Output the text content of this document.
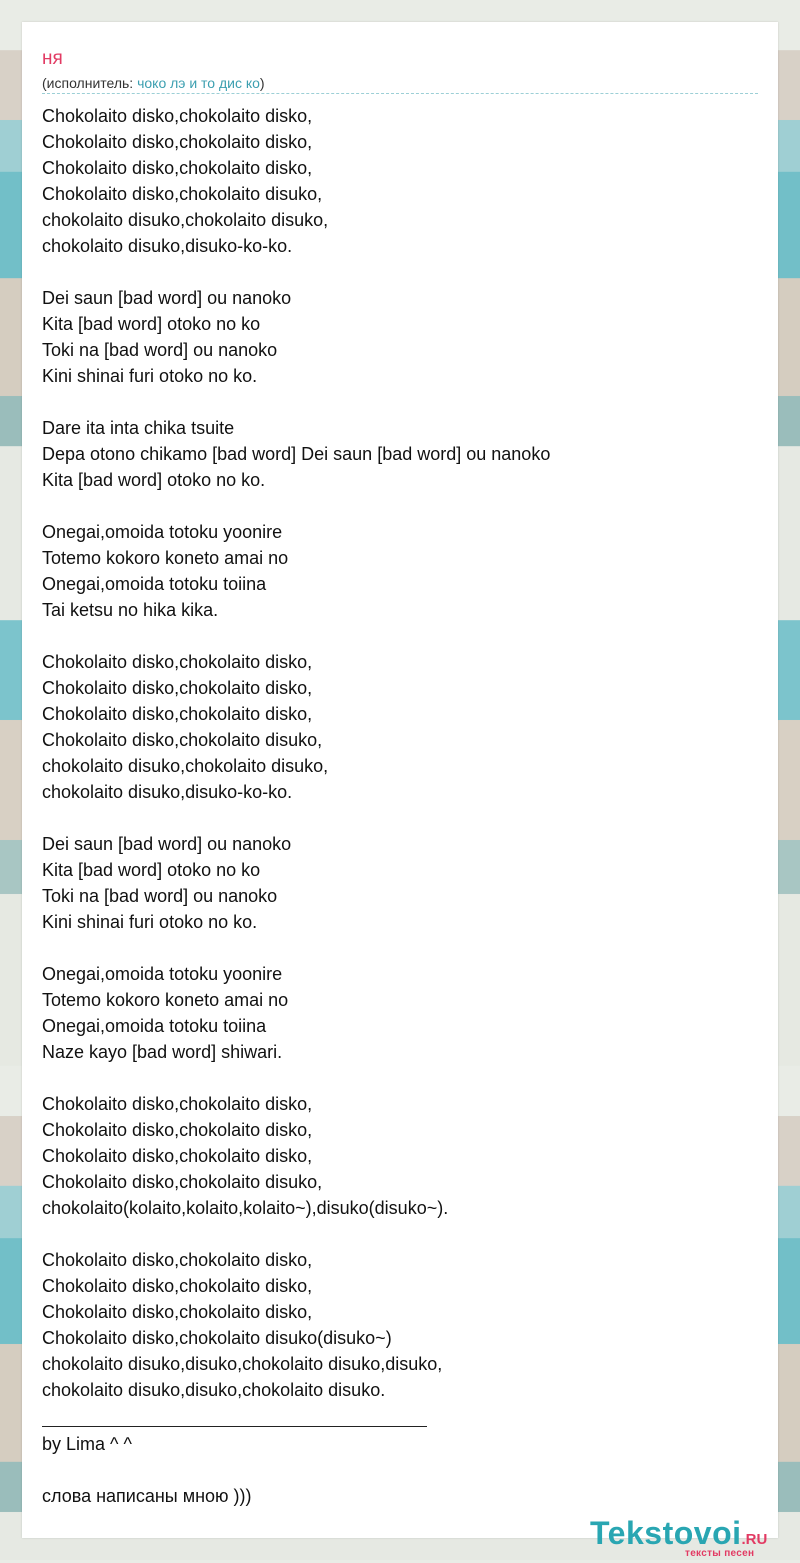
ня
(исполнитель: чоко лэ и то дис ко)
Chokolaito disko,chokolaito disko,
Chokolaito disko,chokolaito disko,
Chokolaito disko,chokolaito disko,
Chokolaito disko,chokolaito disuko,
chokolaito disuko,chokolaito disuko,
chokolaito disuko,disuko-ko-ko.

Dei saun [bad word] ou nanoko
Kita [bad word] otoko no ko
Toki na [bad word] ou nanoko
Kini shinai furi otoko no ko.

Dare ita inta chika tsuite
Depa otono chikamo [bad word] Dei saun [bad word] ou nanoko
Kita [bad word] otoko no ko.

Onegai,omoida totoku yoonire
Totemo kokoro koneto amai no
Onegai,omoida totoku toiina
Tai ketsu no hika kika.

Chokolaito disko,chokolaito disko,
Chokolaito disko,chokolaito disko,
Chokolaito disko,chokolaito disko,
Chokolaito disko,chokolaito disuko,
chokolaito disuko,chokolaito disuko,
chokolaito disuko,disuko-ko-ko.

Dei saun [bad word] ou nanoko
Kita [bad word] otoko no ko
Toki na [bad word] ou nanoko
Kini shinai furi otoko no ko.

Onegai,omoida totoku yoonire
Totemo kokoro koneto amai no
Onegai,omoida totoku toiina
Naze kayo [bad word] shiwari.

Chokolaito disko,chokolaito disko,
Chokolaito disko,chokolaito disko,
Chokolaito disko,chokolaito disko,
Chokolaito disko,chokolaito disuko,
chokolaito(kolaito,kolaito,kolaito~),disuko(disuko~).

Chokolaito disko,chokolaito disko,
Chokolaito disko,chokolaito disko,
Chokolaito disko,chokolaito disko,
Chokolaito disko,chokolaito disuko(disuko~)
chokolaito disuko,disuko,chokolaito disuko,disuko,
chokolaito disuko,disuko,chokolaito disuko.
by Lima ^ ^

слова написаны мною )))
Tekstovoi.RU
тексты песен
